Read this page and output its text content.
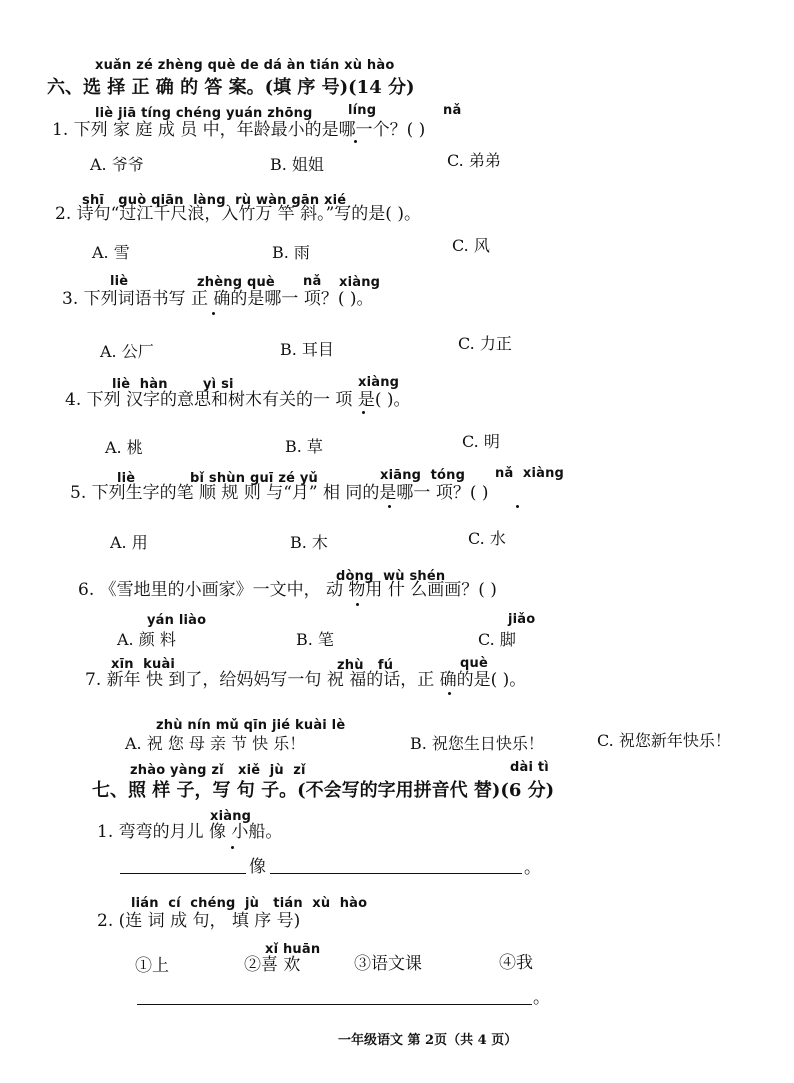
xuǎn zé zhèng què de dá àn tián xù hào
六、选 择 正 确 的 答 案。(填 序 号)(14 分)
liè jiā tíng chéng yuán zhōng	líng	nǎ
1. 下列 家 庭 成 员 中，年龄最小的是哪一个？( )
A. 爷爷	B. 姐姐	C. 弟弟
shī guò qiān làng rù wàn gān xié
2. 诗句“过江千尺浪，入竹万 竿 斜。”写的是( )。
A. 雪	B. 雨	C. 风
liè	zhèng què nǎ xiàng
3. 下列词语书写 正 确的是哪一 项？( )。
A. 公厂	B. 耳目	C. 力正
liè hàn	yì si	xiàng
4. 下列 汉字的意思和树木有关的一 项 是( )。
A. 桃	B. 草	C. 明
liè	bǐ shùn guī zé yǔ	xiāng tóng nǎ xiàng
5. 下列生字的笔 顺 规 则 与“月” 相 同的是哪一 项？( )
A. 用	B. 木	C. 水
dòng wù shén
6. 《雪地里的小画家》一文中， 动 物用 什 么画画？( )
yán liào
A. 颜 料	B. 笔
jiǎo
C. 脚
xīn kuài	zhù fú	què
7. 新年 快 到了，给妈妈写一句 祝 福的话，正 确的是( )。
zhù nín mǔ qīn jié kuài lè
A. 祝 您 母 亲 节 快 乐！	B. 祝您生日快乐！	C. 祝您新年快乐！
zhào yàng zǐ   xiě  jù  zǐ	dài tì
七、照 样 子，写 句 子。(不会写的字用拼音代 替)(6 分)
xiàng
1. 弯弯的月儿 像 小船。
像	。
lián  cí  chéng  jù   tián  xù  hào
2. (连 词 成 句， 填 序 号)
xǐ huān
①上	②喜 欢	③语文课	④我
。
一年级语文 第 2页（共 4 页）
